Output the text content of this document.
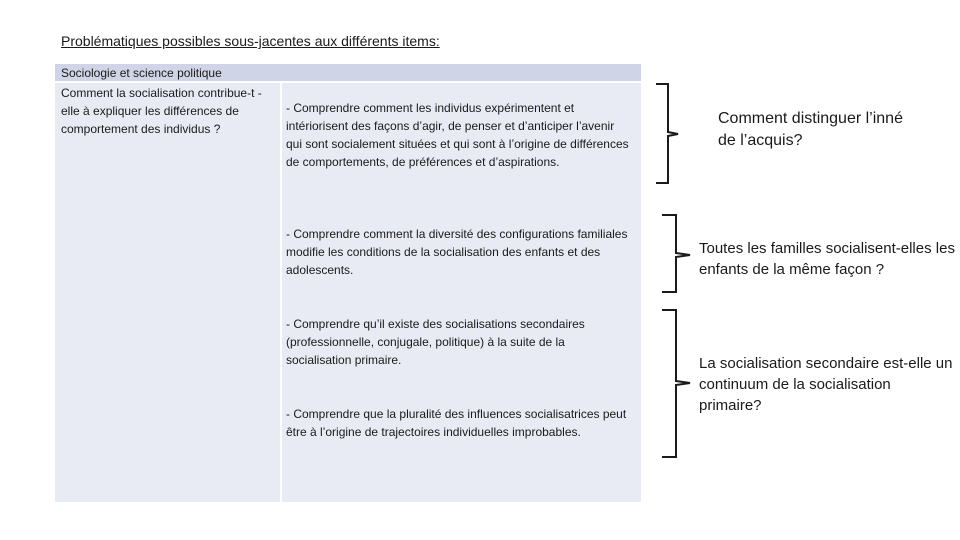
Problématiques possibles sous-jacentes aux différents items:
Sociologie et science politique
Comment la socialisation contribue-t -elle à expliquer les différences de comportement des individus ?
- Comprendre comment les individus expérimentent et intériorisent des façons d’agir, de penser et d’anticiper l’avenir qui sont socialement situées et qui sont à l’origine de différences de comportements, de préférences et d’aspirations.
- Comprendre comment la diversité des configurations familiales modifie les conditions de la socialisation des enfants et des adolescents.
- Comprendre qu’il existe des socialisations secondaires (professionnelle, conjugale, politique) à la suite de la socialisation primaire.
- Comprendre que la pluralité des influences socialisatrices peut être à l’origine de trajectoires individuelles improbables.
Comment distinguer l’inné de l’acquis?
Toutes les familles socialisent-elles les enfants de la même façon ?
La socialisation secondaire est-elle un continuum de la socialisation primaire?
